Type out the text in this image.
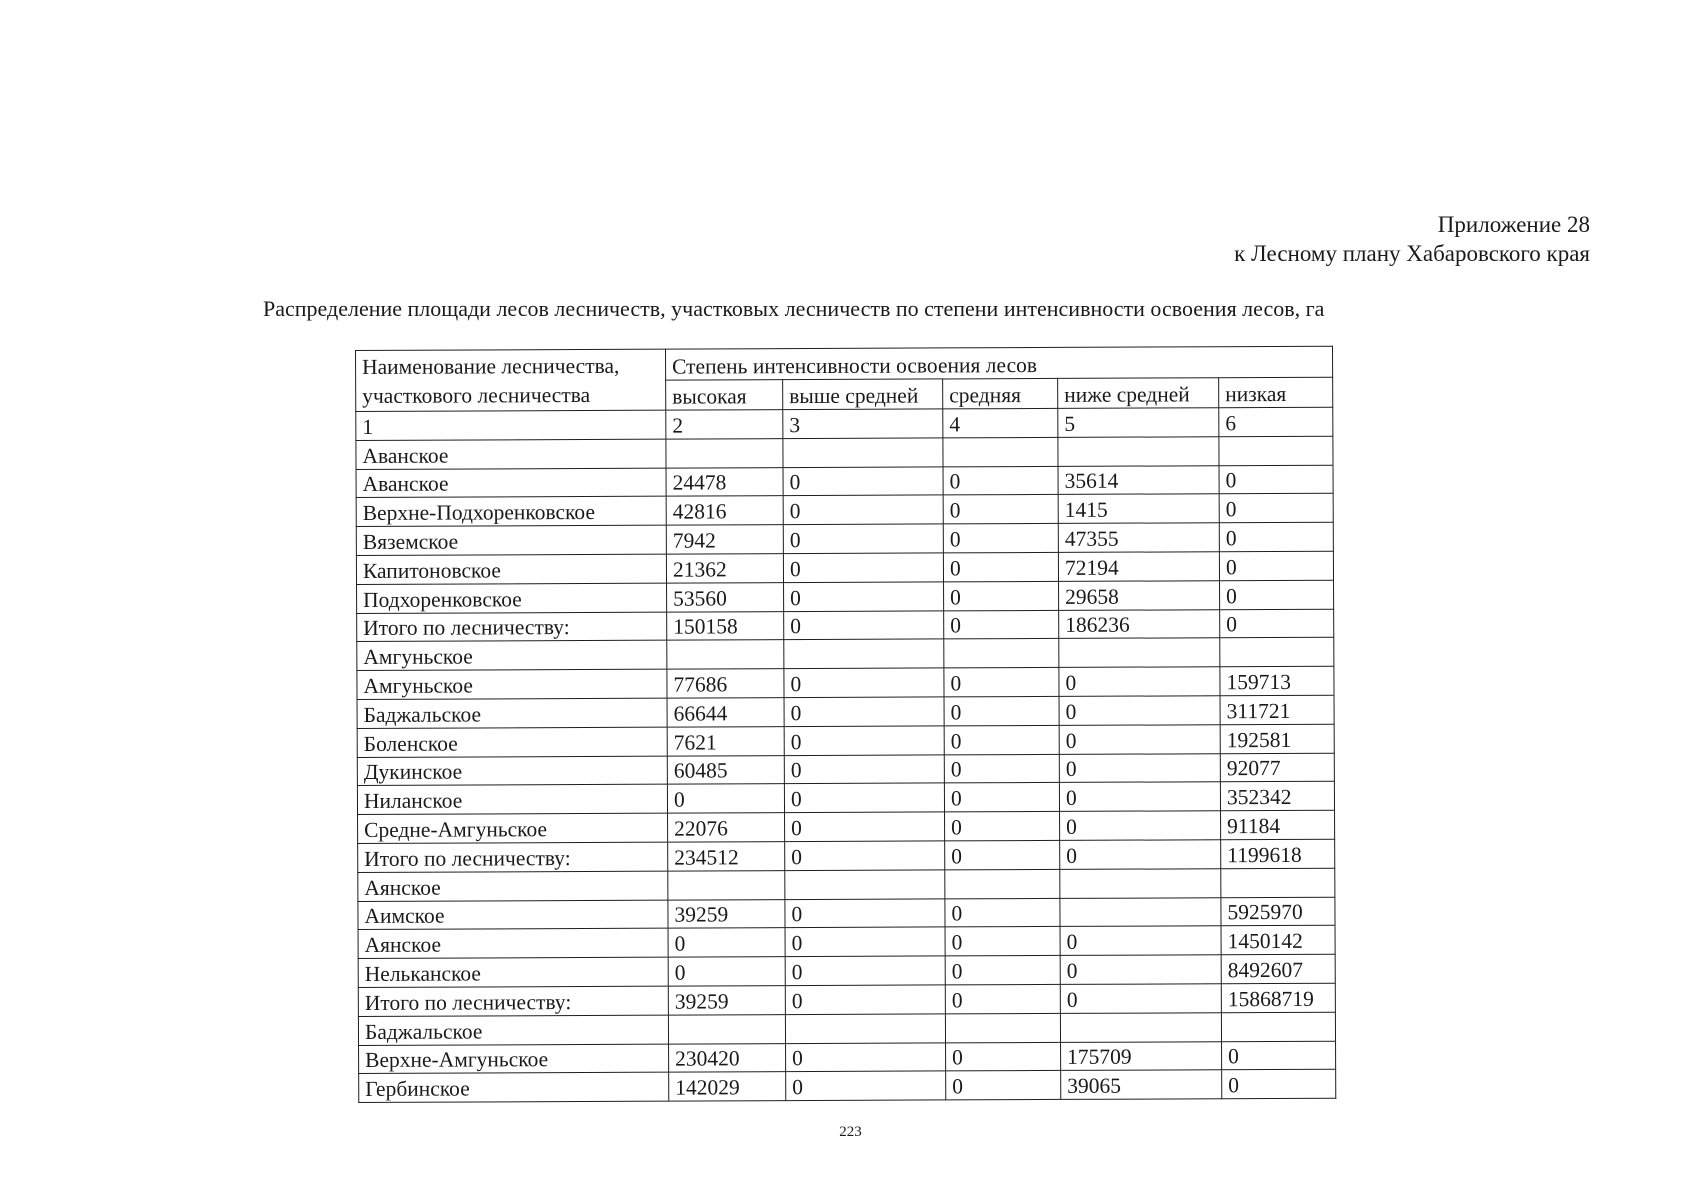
Приложение 28
к Лесному плану Хабаровского края
Распределение площади лесов лесничеств, участковых лесничеств по степени интенсивности освоения лесов, га
Наименование лесничества,
участкового лесничества	Степень интенсивности освоения лесов				
	высокая	выше средней	средняя	ниже средней	низкая
1	2	3	4	5	6
Аванское					
Аванское	24478	0	0	35614	0
Верхне-Подхоренковское	42816	0	0	1415	0
Вяземское	7942	0	0	47355	0
Капитоновское	21362	0	0	72194	0
Подхоренковское	53560	0	0	29658	0
Итого по лесничеству:	150158	0	0	186236	0
Амгуньское					
Амгуньское	77686	0	0	0	159713
Баджальское	66644	0	0	0	311721
Боленское	7621	0	0	0	192581
Дукинское	60485	0	0	0	92077
Ниланское	0	0	0	0	352342
Средне-Амгуньское	22076	0	0	0	91184
Итого по лесничеству:	234512	0	0	0	1199618
Аянское					
Аимское	39259	0	0		5925970
Аянское	0	0	0	0	1450142
Нельканское	0	0	0	0	8492607
Итого по лесничеству:	39259	0	0	0	15868719
Баджальское					
Верхне-Амгуньское	230420	0	0	175709	0
Гербинское	142029	0	0	39065	0
223
